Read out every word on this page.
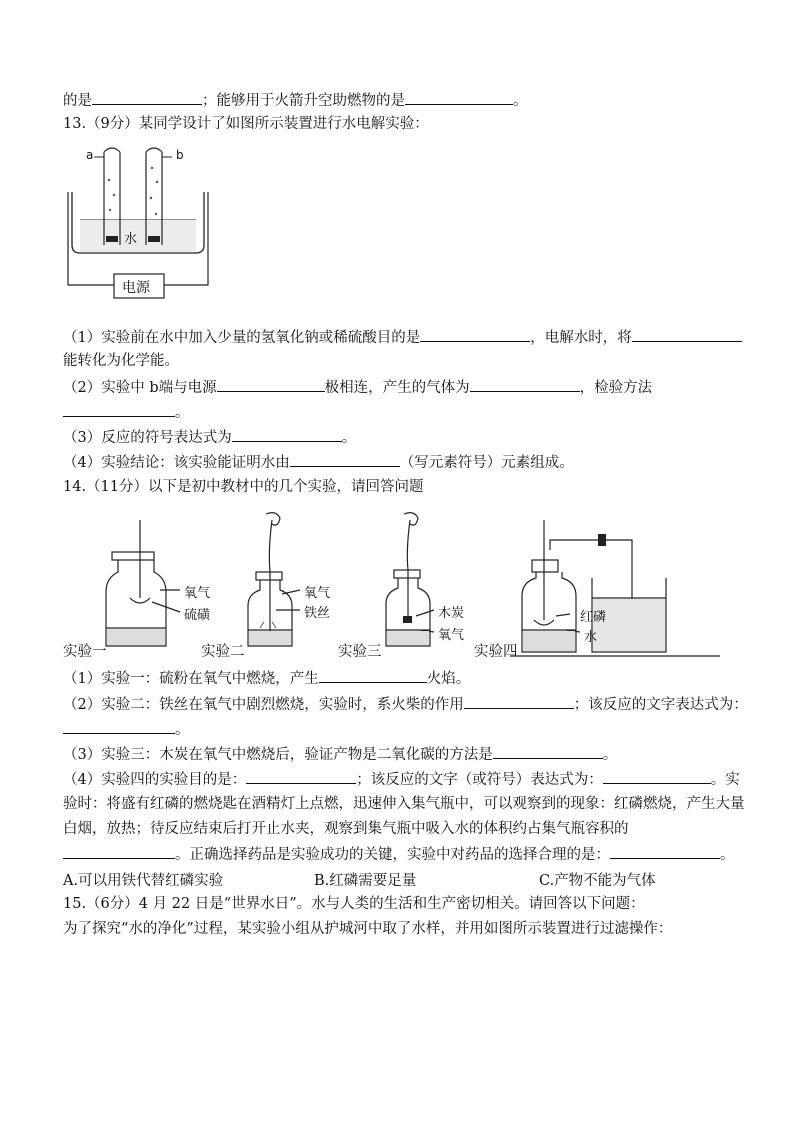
的是	；能够用于火箭升空助燃物的是	。
13.（9分）某同学设计了如图所示装置进行水电解实验：
a	b
水
电源
（1）实验前在水中加入少量的氢氧化钠或稀硫酸目的是	，电解水时，将
能转化为化学能。
（2）实验中 b端与电源	极相连，产生的气体为	，检验方法
。
（3）反应的符号表达式为	。
（4）实验结论：该实验能证明水由	（写元素符号）元素组成。
14.（11分）以下是初中教材中的几个实验，请回答问题
氧气
硫磺
氧气
铁丝	木炭
氧气
红磷
水
实验一	实验二	实验三	实验四
（1）实验一：硫粉在氧气中燃烧，产生	火焰。
（2）实验二：铁丝在氧气中剧烈燃烧，实验时，系火柴的作用	；该反应的文字表达式为：
。
（3）实验三：木炭在氧气中燃烧后，验证产物是二氧化碳的方法是	。
（4）实验四的实验目的是：	；该反应的文字（或符号）表达式为：	。实
验时：将盛有红磷的燃烧匙在酒精灯上点燃，迅速伸入集气瓶中，可以观察到的现象：红磷燃烧，产生大量
白烟，放热；待反应结束后打开止水夹，观察到集气瓶中吸入水的体积约占集气瓶容积的
。正确选择药品是实验成功的关键，实验中对药品的选择合理的是：	。
A.可以用铁代替红磷实验	B.红磷需要足量	C.产物不能为气体
15.（6分）4 月 22 日是“世界水日”。水与人类的生活和生产密切相关。请回答以下问题：
为了探究“水的净化”过程，某实验小组从护城河中取了水样，并用如图所示装置进行过滤操作：
